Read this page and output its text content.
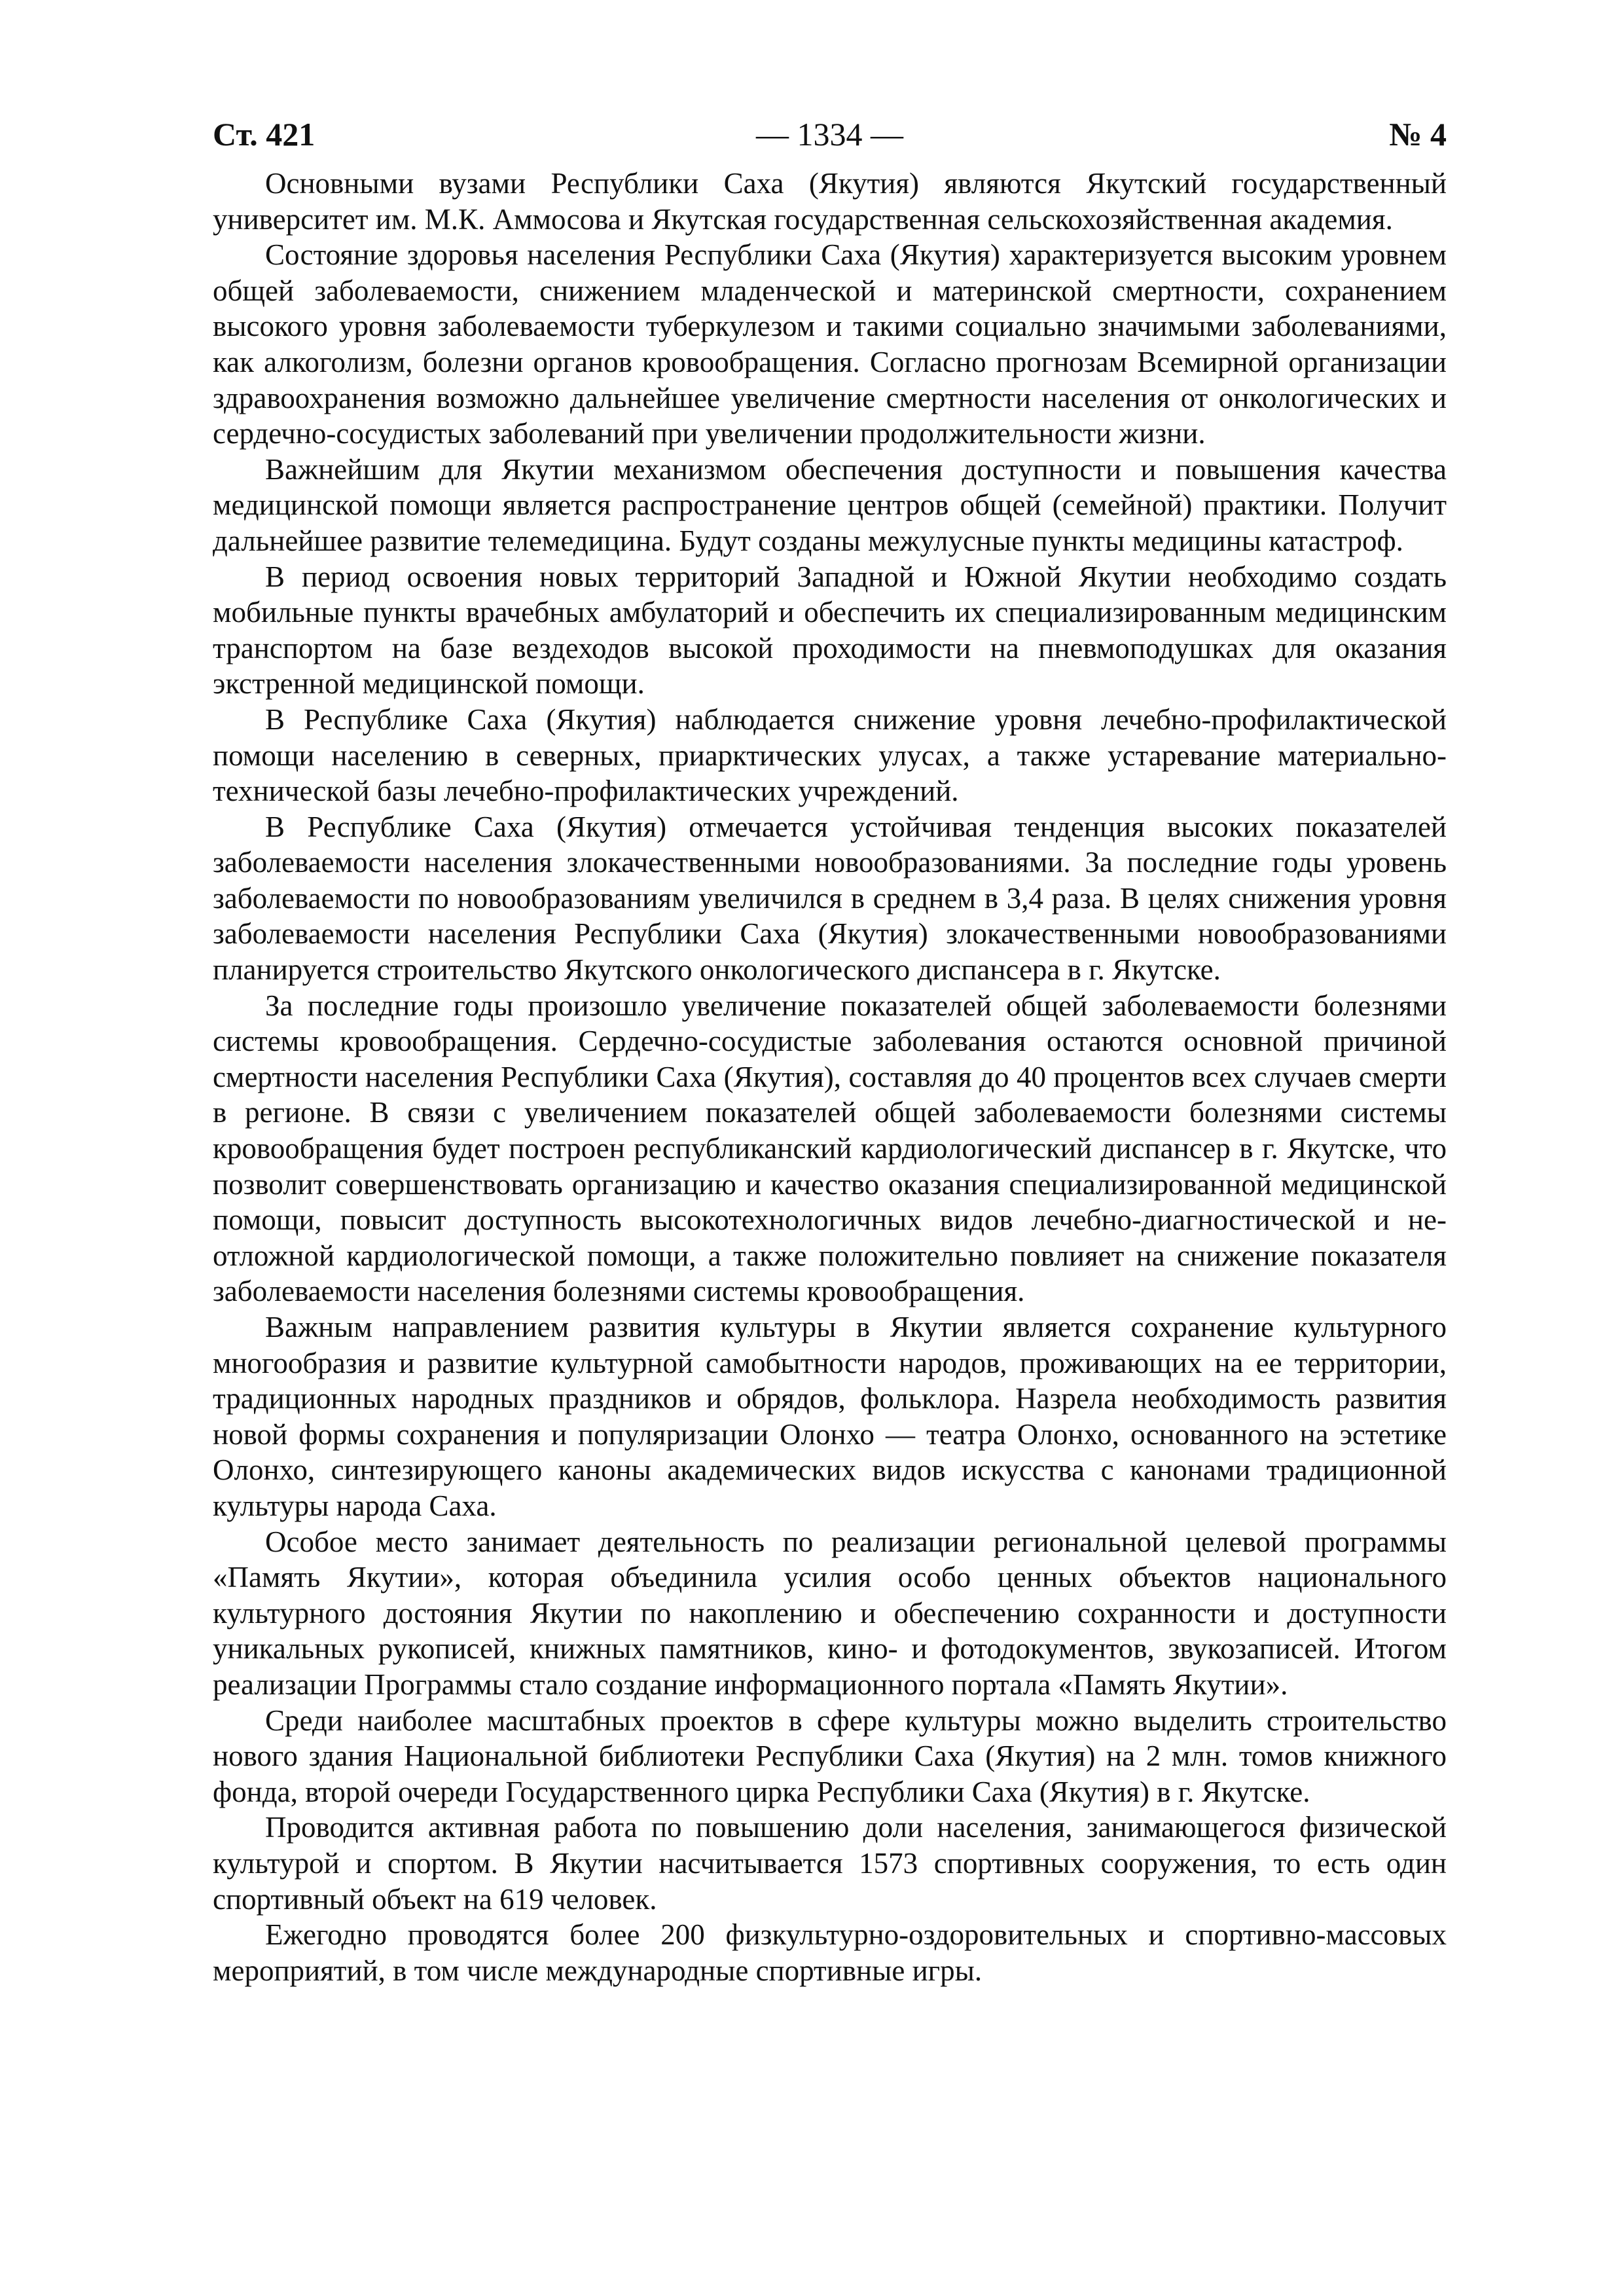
Ст. 421	— 1334 —	№ 4

Основными вузами Республики Саха (Якутия) являются Якутский государственный университет им. М.К. Аммосова и Якутская государственная сельскохозяйственная академия.

Состояние здоровья населения Республики Саха (Якутия) характеризуется высоким уровнем общей заболеваемости, снижением младенческой и материнской смертности, сохранением высокого уровня заболеваемости туберкулезом и такими социально значимыми заболеваниями, как алкоголизм, болезни органов кровообращения. Согласно прогнозам Всемирной организации здравоохранения возможно дальнейшее увеличение смертности населения от онкологических и сердечно-сосудистых заболеваний при увеличении продолжительности жизни.

Важнейшим для Якутии механизмом обеспечения доступности и повышения качества медицинской помощи является распространение центров общей (семейной) практики. Получит дальнейшее развитие телемедицина. Будут созданы межулусные пункты медицины катастроф.

В период освоения новых территорий Западной и Южной Якутии необходимо создать мобильные пункты врачебных амбулаторий и обеспечить их специализированным медицинским транспортом на базе вездеходов высокой проходимости на пневмоподушках для оказания экстренной медицинской помощи.

В Республике Саха (Якутия) наблюдается снижение уровня лечебно-профилактической помощи населению в северных, приарктических улусах, а также устаревание материально-технической базы лечебно-профилактических учреждений.

В Республике Саха (Якутия) отмечается устойчивая тенденция высоких показателей заболеваемости населения злокачественными новообразованиями. За последние годы уровень заболеваемости по новообразованиям увеличился в среднем в 3,4 раза. В целях снижения уровня заболеваемости населения Республики Саха (Якутия) злокачественными новообразованиями планируется строительство Якутского онкологического диспансера в г. Якутске.

За последние годы произошло увеличение показателей общей заболеваемости болезнями системы кровообращения. Сердечно-сосудистые заболевания остаются основной причиной смертности населения Республики Саха (Якутия), составляя до 40 процентов всех случаев смерти в регионе. В связи с увеличением показателей общей заболеваемости болезнями системы кровообращения будет построен республиканский кардиологический диспансер в г. Якутске, что позволит совершенствовать организацию и качество оказания специализированной медицинской помощи, повысит доступность высокотехнологичных видов лечебно-диагностической и неотложной кардиологической помощи, а также положительно повлияет на снижение показателя заболеваемости населения болезнями системы кровообращения.

Важным направлением развития культуры в Якутии является сохранение культурного многообразия и развитие культурной самобытности народов, проживающих на ее территории, традиционных народных праздников и обрядов, фольклора. Назрела необходимость развития новой формы сохранения и популяризации Олонхо — театра Олонхо, основанного на эстетике Олонхо, синтезирующего каноны академических видов искусства с канонами традиционной культуры народа Саха.

Особое место занимает деятельность по реализации региональной целевой программы «Память Якутии», которая объединила усилия особо ценных объектов национального культурного достояния Якутии по накоплению и обеспечению сохранности и доступности уникальных рукописей, книжных памятников, кино- и фотодокументов, звукозаписей. Итогом реализации Программы стало создание информационного портала «Память Якутии».

Среди наиболее масштабных проектов в сфере культуры можно выделить строительство нового здания Национальной библиотеки Республики Саха (Якутия) на 2 млн. томов книжного фонда, второй очереди Государственного цирка Республики Саха (Якутия) в г. Якутске.

Проводится активная работа по повышению доли населения, занимающегося физической культурой и спортом. В Якутии насчитывается 1573 спортивных сооружения, то есть один спортивный объект на 619 человек.

Ежегодно проводятся более 200 физкультурно-оздоровительных и спортивно-массовых мероприятий, в том числе международные спортивные игры.
